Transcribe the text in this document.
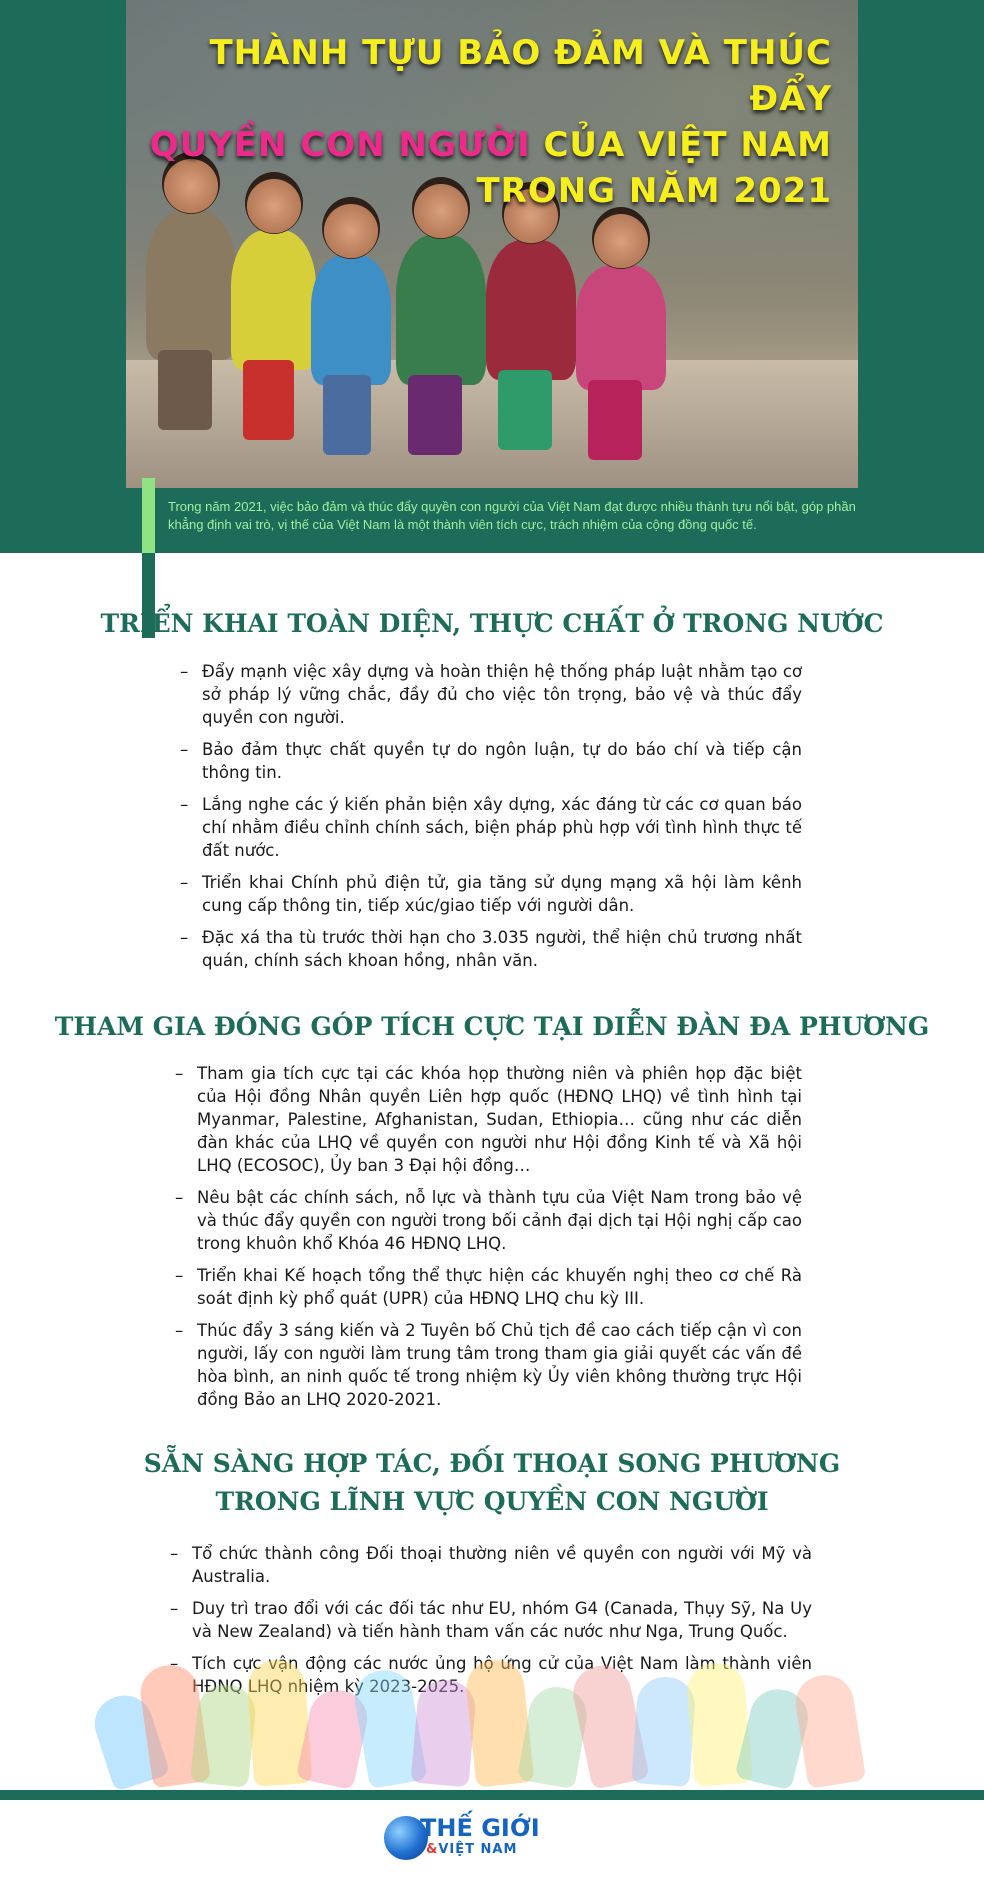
THÀNH TỰU BẢO ĐẢM VÀ THÚC ĐẨY
QUYỀN CON NGƯỜI CỦA VIỆT NAM
TRONG NĂM 2021

Trong năm 2021, việc bảo đảm và thúc đẩy quyền con người của Việt Nam đạt được nhiều thành tựu nổi bật, góp phần khẳng định vai trò, vị thế của Việt Nam là một thành viên tích cực, trách nhiệm của cộng đồng quốc tế.

TRIỂN KHAI TOÀN DIỆN, THỰC CHẤT Ở TRONG NƯỚC
– Đẩy mạnh việc xây dựng và hoàn thiện hệ thống pháp luật nhằm tạo cơ sở pháp lý vững chắc, đầy đủ cho việc tôn trọng, bảo vệ và thúc đẩy quyền con người.
– Bảo đảm thực chất quyền tự do ngôn luận, tự do báo chí và tiếp cận thông tin.
– Lắng nghe các ý kiến phản biện xây dựng, xác đáng từ các cơ quan báo chí nhằm điều chỉnh chính sách, biện pháp phù hợp với tình hình thực tế đất nước.
– Triển khai Chính phủ điện tử, gia tăng sử dụng mạng xã hội làm kênh cung cấp thông tin, tiếp xúc/giao tiếp với người dân.
– Đặc xá tha tù trước thời hạn cho 3.035 người, thể hiện chủ trương nhất quán, chính sách khoan hồng, nhân văn.
THAM GIA ĐÓNG GÓP TÍCH CỰC TẠI DIỄN ĐÀN ĐA PHƯƠNG
– Tham gia tích cực tại các khóa họp thường niên và phiên họp đặc biệt của Hội đồng Nhân quyền Liên hợp quốc (HĐNQ LHQ) về tình hình tại Myanmar, Palestine, Afghanistan, Sudan, Ethiopia… cũng như các diễn đàn khác của LHQ về quyền con người như Hội đồng Kinh tế và Xã hội LHQ (ECOSOC), Ủy ban 3 Đại hội đồng…
– Nêu bật các chính sách, nỗ lực và thành tựu của Việt Nam trong bảo vệ và thúc đẩy quyền con người trong bối cảnh đại dịch tại Hội nghị cấp cao trong khuôn khổ Khóa 46 HĐNQ LHQ.
– Triển khai Kế hoạch tổng thể thực hiện các khuyến nghị theo cơ chế Rà soát định kỳ phổ quát (UPR) của HĐNQ LHQ chu kỳ III.
– Thúc đẩy 3 sáng kiến và 2 Tuyên bố Chủ tịch đề cao cách tiếp cận vì con người, lấy con người làm trung tâm trong tham gia giải quyết các vấn đề hòa bình, an ninh quốc tế trong nhiệm kỳ Ủy viên không thường trực Hội đồng Bảo an LHQ 2020-2021.
SẴN SÀNG HỢP TÁC, ĐỐI THOẠI SONG PHƯƠNG
TRONG LĨNH VỰC QUYỀN CON NGƯỜI
– Tổ chức thành công Đối thoại thường niên về quyền con người với Mỹ và Australia.
– Duy trì trao đổi với các đối tác như EU, nhóm G4 (Canada, Thụy Sỹ, Na Uy và New Zealand) và tiến hành tham vấn các nước như Nga, Trung Quốc.
– Tích cực vận động các nước ủng hộ ứng cử của Việt Nam làm thành viên HĐNQ LHQ nhiệm kỳ 2023-2025.
THẾ GIỚI
&VIỆT NAM
